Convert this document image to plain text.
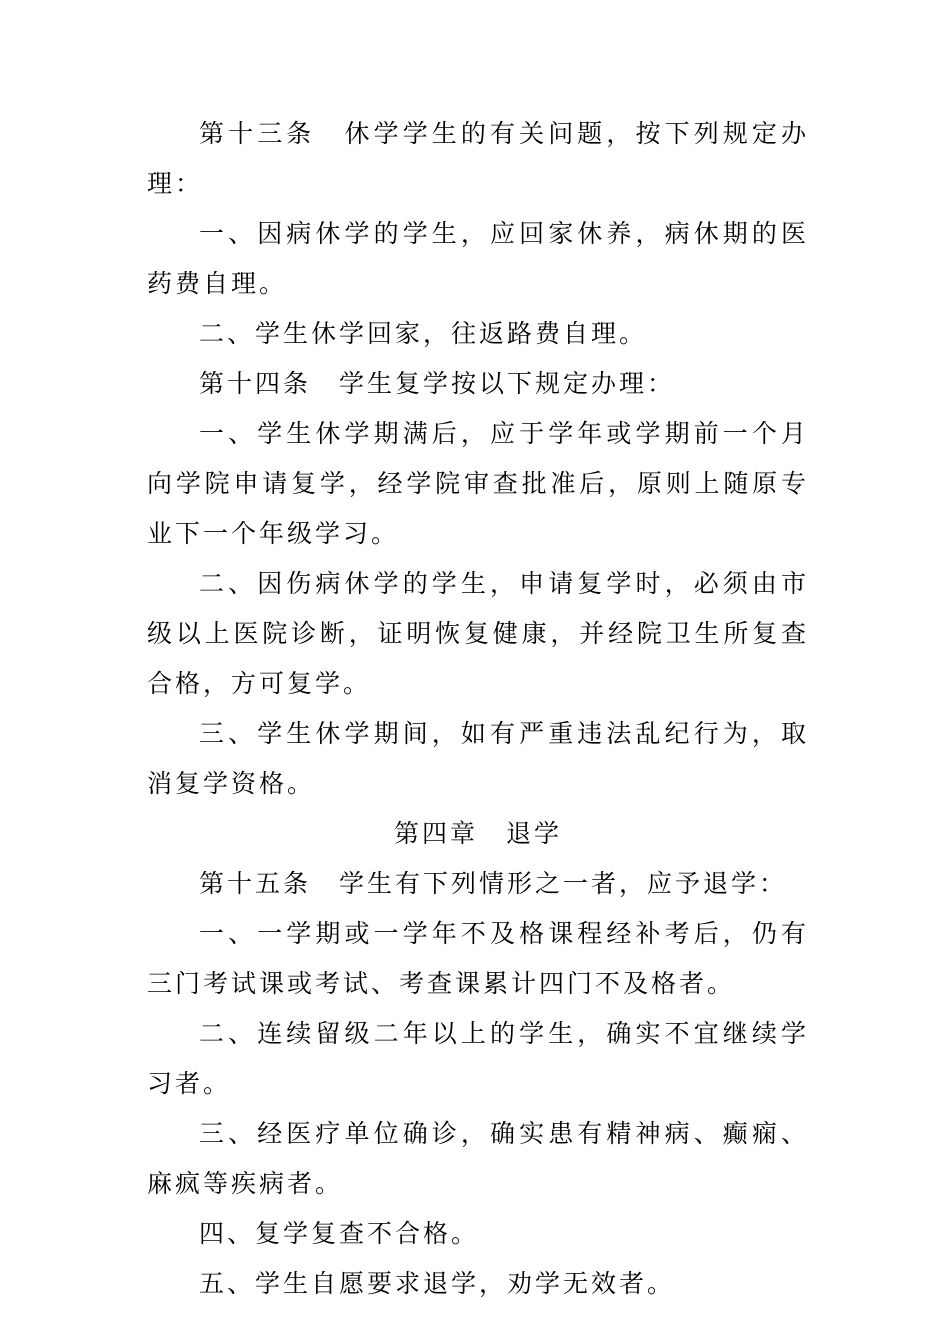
第十三条　休学学生的有关问题，按下列规定办理：

一、因病休学的学生，应回家休养，病休期的医药费自理。

二、学生休学回家，往返路费自理。

第十四条　学生复学按以下规定办理：

一、学生休学期满后，应于学年或学期前一个月向学院申请复学，经学院审查批准后，原则上随原专业下一个年级学习。

二、因伤病休学的学生，申请复学时，必须由市级以上医院诊断，证明恢复健康，并经院卫生所复查合格，方可复学。

三、学生休学期间，如有严重违法乱纪行为，取消复学资格。

第四章　退学

第十五条　学生有下列情形之一者，应予退学：

一、一学期或一学年不及格课程经补考后，仍有三门考试课或考试、考查课累计四门不及格者。

二、连续留级二年以上的学生，确实不宜继续学习者。

三、经医疗单位确诊，确实患有精神病、癫痫、麻疯等疾病者。

四、复学复查不合格。

五、学生自愿要求退学，劝学无效者。
